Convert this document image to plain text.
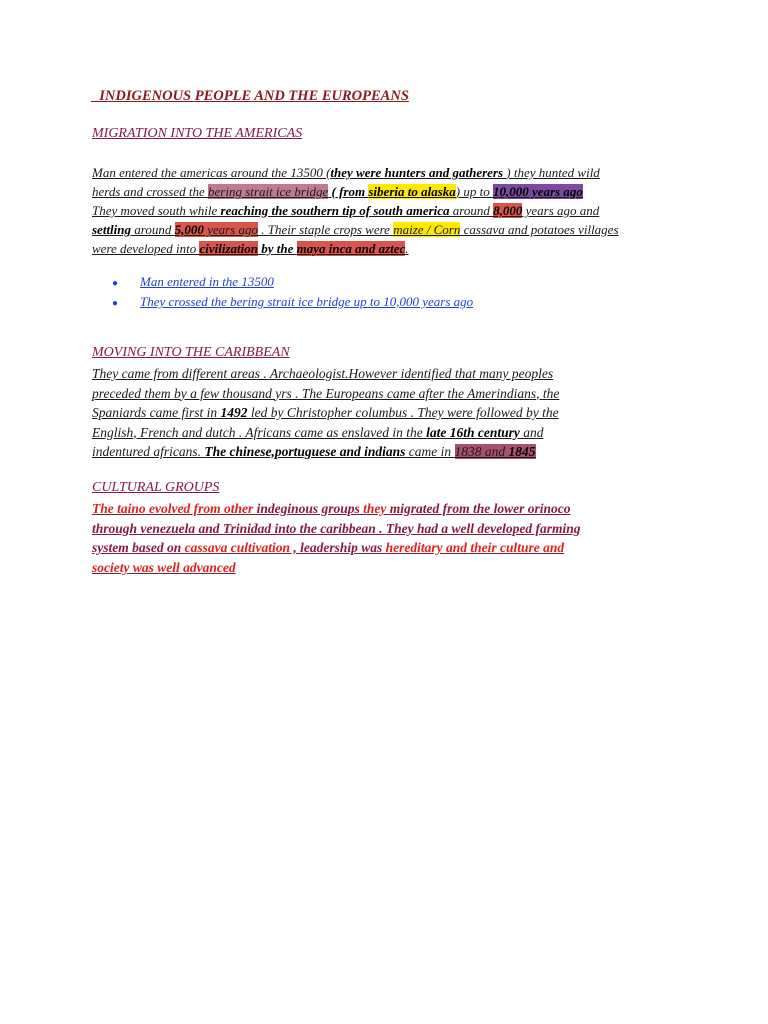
_INDIGENOUS PEOPLE AND THE EUROPEANS
MIGRATION INTO THE AMERICAS
Man entered the americas around the 13500 (they were hunters and gatherers ) they hunted wild
herds and crossed the bering strait ice bridge ( from siberia to alaska) up to 10,000 years ago
They moved south while reaching the southern tip of south america around 8,000 years ago and
settling around 5,000 years ago . Their staple crops were maize / Corn cassava and potatoes villages
were developed into civilization by the maya inca and aztec.
● Man entered in the 13500
● They crossed the bering strait ice bridge up to 10,000 years ago
MOVING INTO THE CARIBBEAN
They came from different areas . Archaeologist.However identified that many peoples
preceded them by a few thousand yrs . The Europeans came after the Amerindians, the
Spaniards came first in 1492 led by Christopher columbus . They were followed by the
English, French and dutch . Africans came as enslaved in the late 16th century and
indentured africans. The chinese,portuguese and indians came in 1838 and 1845
CULTURAL GROUPS
The taino evolved from other indeginous groups they migrated from the lower orinoco
through venezuela and Trinidad into the caribbean . They had a well developed farming
system based on cassava cultivation , leadership was hereditary and their culture and
society was well advanced
